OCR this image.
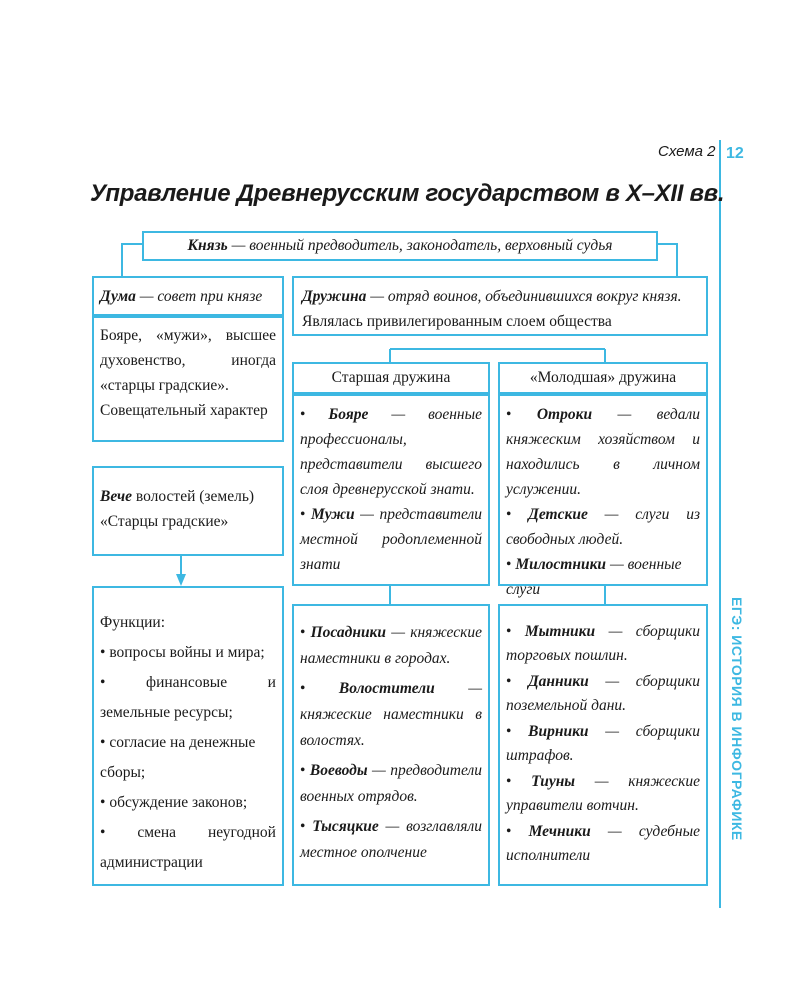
Схема 2 12
ЕГЭ: ИСТОРИЯ В ИНФОГРАФИКЕ
Управление Древнерусским государством в X–XII вв.
Князь — военный предводитель, законодатель, верховный судья
Дума — совет при князе

Бояре, «мужи», высшее духовенство, иногда «старцы градские».

Совещательный характер

Дружина — отряд воинов, объединившихся вокруг князя.

Являлась привилегированным слоем общества

Старшая дружина

• Бояре — военные профессионалы, представители высшего слоя древнерусской знати.

• Мужи — представители местной родоплеменной знати

«Молодшая» дружина

• Отроки — ведали княжеским хозяйством и находились в личном услужении.

• Детские — слуги из свободных людей.

• Милостники — военные слуги

Вече волостей (земель)

«Старцы градские»

Функции:

• вопросы войны и мира;

• финансовые и земельные ресурсы;

• согласие на денежные сборы;

• обсуждение законов;

• смена неугодной администрации

• Посадники — княжеские наместники в городах.

• Волостители — княжеские наместники в волостях.

• Воеводы — предводители военных отрядов.

• Тысяцкие — возглавляли местное ополчение

• Мытники — сборщики торговых пошлин.

• Данники — сборщики поземельной дани.

• Вирники — сборщики штрафов.

• Тиуны — княжеские управители вотчин.

• Мечники — судебные исполнители
